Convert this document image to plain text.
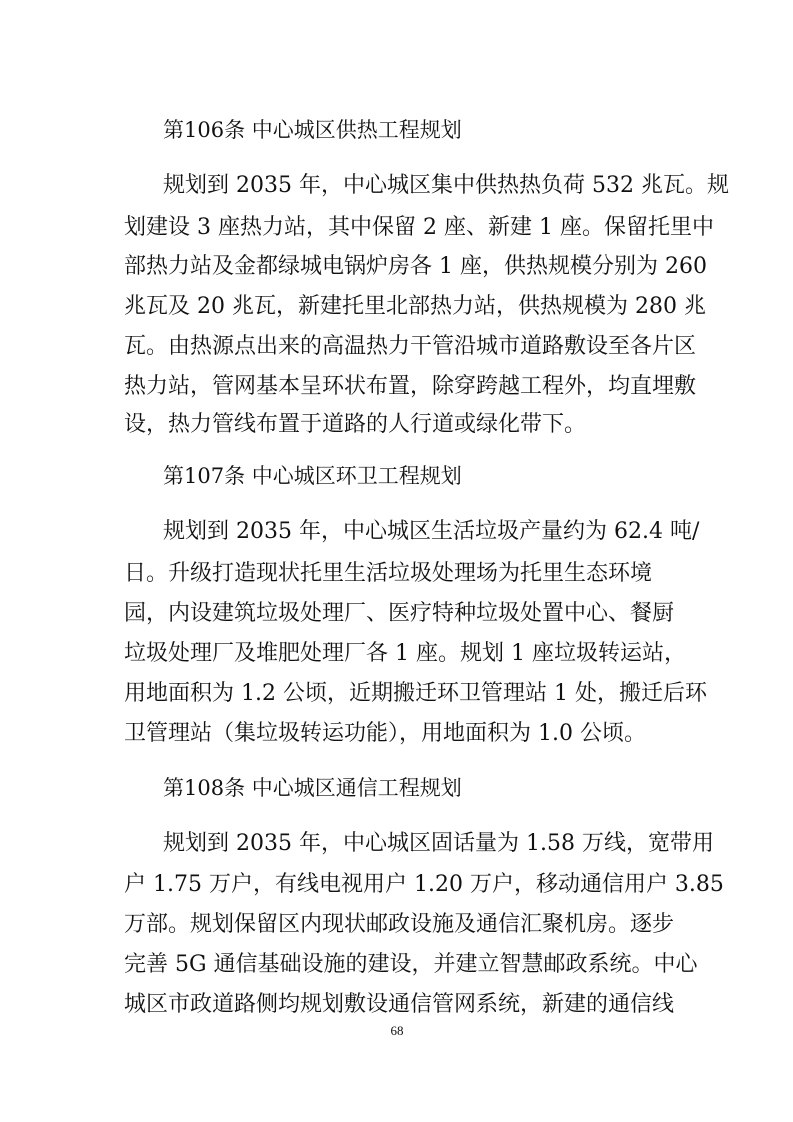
第106条 中心城区供热工程规划
规划到 2035 年，中心城区集中供热热负荷 532 兆瓦。规
划建设 3 座热力站，其中保留 2 座、新建 1 座。保留托里中
部热力站及金都绿城电锅炉房各 1 座，供热规模分别为 260
兆瓦及 20 兆瓦，新建托里北部热力站，供热规模为 280 兆
瓦。由热源点出来的高温热力干管沿城市道路敷设至各片区
热力站，管网基本呈环状布置，除穿跨越工程外，均直埋敷
设，热力管线布置于道路的人行道或绿化带下。
第107条 中心城区环卫工程规划
规划到 2035 年，中心城区生活垃圾产量约为 62.4 吨/
日。升级打造现状托里生活垃圾处理场为托里生态环境
园，内设建筑垃圾处理厂、医疗特种垃圾处置中心、餐厨
垃圾处理厂及堆肥处理厂各 1 座。规划 1 座垃圾转运站，
用地面积为 1.2 公顷，近期搬迁环卫管理站 1 处，搬迁后环
卫管理站（集垃圾转运功能），用地面积为 1.0 公顷。
第108条 中心城区通信工程规划
规划到 2035 年，中心城区固话量为 1.58 万线，宽带用
户 1.75 万户，有线电视用户 1.20 万户，移动通信用户 3.85
万部。规划保留区内现状邮政设施及通信汇聚机房。逐步
完善 5G 通信基础设施的建设，并建立智慧邮政系统。中心
城区市政道路侧均规划敷设通信管网系统，新建的通信线
68
